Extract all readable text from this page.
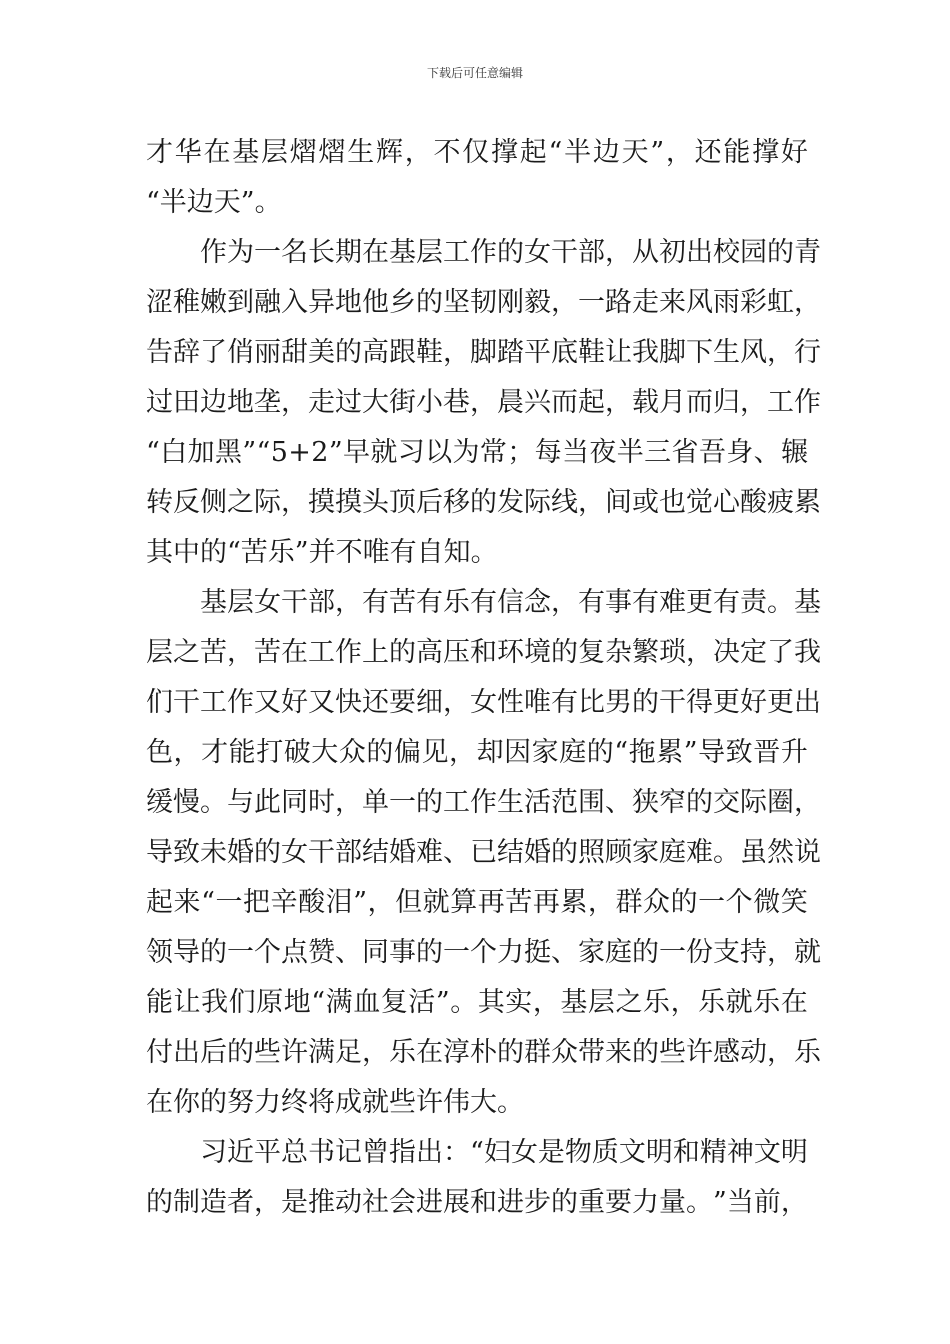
下载后可任意编辑
才 华 在 基 层 熠 熠 生 辉 ， 不 仅 撑 起 “ 半 边 天 ” ， 还 能 撑 好
“半边天”。
作 为 一 名 长 期 在 基 层 工 作 的 女 干 部 ， 从 初 出 校 园 的 青
涩 稚 嫩 到 融 入 异 地 他 乡 的 坚 韧 刚 毅 ， 一 路 走 来 风 雨 彩 虹 ，
告 辞 了 俏 丽 甜 美 的 高 跟 鞋 ， 脚 踏 平 底 鞋 让 我 脚 下 生 风 ， 行
过 田 边 地 垄 ， 走 过 大 街 小 巷 ， 晨 兴 而 起 ， 载 月 而 归 ， 工 作
“ 白 加 黑 ” “ 5 + 2 ” 早 就 习 以 为 常 ； 每 当 夜 半 三 省 吾 身 、 辗
转 反 侧 之 际 ， 摸 摸 头 顶 后 移 的 发 际 线 ， 间 或 也 觉 心 酸 疲 累
其中的“苦乐”并不唯有自知。
基 层 女 干 部 ， 有 苦 有 乐 有 信 念 ， 有 事 有 难 更 有 责 。 基
层 之 苦 ， 苦 在 工 作 上 的 高 压 和 环 境 的 复 杂 繁 琐 ， 决 定 了 我
们 干 工 作 又 好 又 快 还 要 细 ， 女 性 唯 有 比 男 的 干 得 更 好 更 出
色 ， 才 能 打 破 大 众 的 偏 见 ， 却 因 家 庭 的 “ 拖 累 ” 导 致 晋 升
缓 慢 。 与 此 同 时 ， 单 一 的 工 作 生 活 范 围 、 狭 窄 的 交 际 圈 ，
导 致 未 婚 的 女 干 部 结 婚 难 、 已 结 婚 的 照 顾 家 庭 难 。 虽 然 说
起 来 “ 一 把 辛 酸 泪 ” ， 但 就 算 再 苦 再 累 ， 群 众 的 一 个 微 笑
领 导 的 一 个 点 赞 、 同 事 的 一 个 力 挺 、 家 庭 的 一 份 支 持 ， 就
能 让 我 们 原 地 “ 满 血 复 活 ” 。 其 实 ， 基 层 之 乐 ， 乐 就 乐 在
付 出 后 的 些 许 满 足 ， 乐 在 淳 朴 的 群 众 带 来 的 些 许 感 动 ， 乐
在你的努力终将成就些许伟大。
习 近 平 总 书 记 曾 指 出 ： “ 妇 女 是 物 质 文 明 和 精 神 文 明
的 制 造 者 ， 是 推 动 社 会 进 展 和 进 步 的 重 要 力 量 。 ” 当 前 ，
